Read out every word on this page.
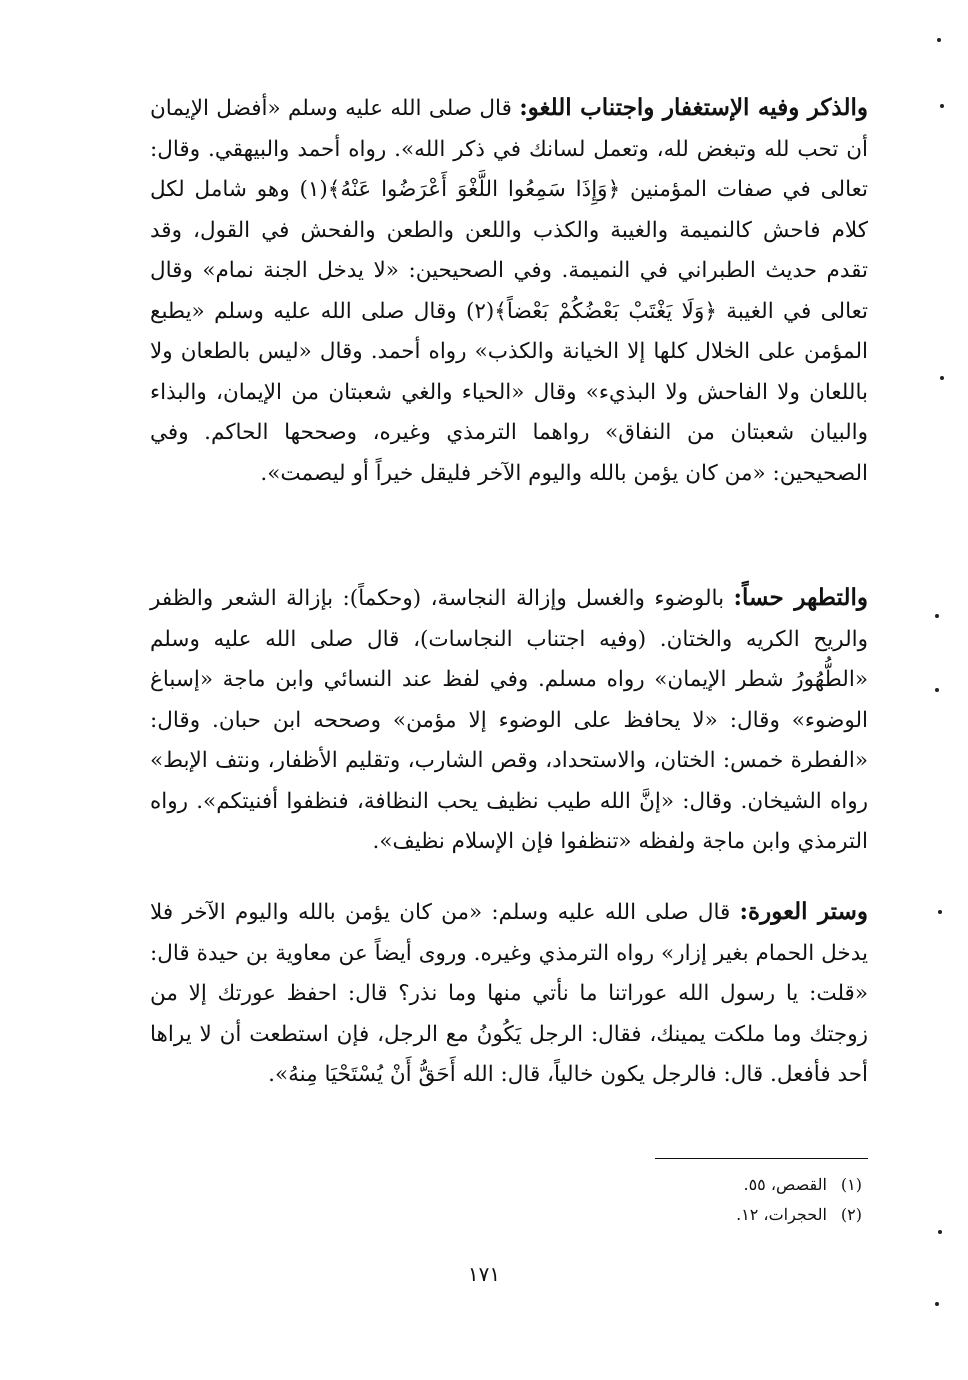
والذكر وفيه الإستغفار واجتناب اللغو: قال صلى الله عليه وسلم «أفضل الإيمان أن تحب لله وتبغض لله، وتعمل لسانك في ذكر الله». رواه أحمد والبيهقي. وقال: تعالى في صفات المؤمنين ﴿وَإِذَا سَمِعُوا اللَّغْوَ أَعْرَضُوا عَنْهُ﴾(١) وهو شامل لكل كلام فاحش كالنميمة والغيبة والكذب واللعن والطعن والفحش في القول، وقد تقدم حديث الطبراني في النميمة. وفي الصحيحين: «لا يدخل الجنة نمام» وقال تعالى في الغيبة ﴿وَلَا يَغْتَبْ بَعْضُكُمْ بَعْضاً﴾(٢) وقال صلى الله عليه وسلم «يطبع المؤمن على الخلال كلها إلا الخيانة والكذب» رواه أحمد. وقال «ليس بالطعان ولا باللعان ولا الفاحش ولا البذيء» وقال «الحياء والغي شعبتان من الإيمان، والبذاء والبيان شعبتان من النفاق» رواهما الترمذي وغيره، وصححها الحاكم. وفي الصحيحين: «من كان يؤمن بالله واليوم الآخر فليقل خيراً أو ليصمت».
والتطهر حساً: بالوضوء والغسل وإزالة النجاسة، (وحكماً): بإزالة الشعر والظفر والريح الكريه والختان. (وفيه اجتناب النجاسات)، قال صلى الله عليه وسلم «الطُّهُورُ شطر الإيمان» رواه مسلم. وفي لفظ عند النسائي وابن ماجة «إسباغ الوضوء» وقال: «لا يحافظ على الوضوء إلا مؤمن» وصححه ابن حبان. وقال: «الفطرة خمس: الختان، والاستحداد، وقص الشارب، وتقليم الأظفار، ونتف الإبط» رواه الشيخان. وقال: «إنَّ الله طيب نظيف يحب النظافة، فنظفوا أفنيتكم». رواه الترمذي وابن ماجة ولفظه «تنظفوا فإن الإسلام نظيف».
وستر العورة: قال صلى الله عليه وسلم: «من كان يؤمن بالله واليوم الآخر فلا يدخل الحمام بغير إزار» رواه الترمذي وغيره. وروى أيضاً عن معاوية بن حيدة قال: «قلت: يا رسول الله عوراتنا ما نأتي منها وما نذر؟ قال: احفظ عورتك إلا من زوجتك وما ملكت يمينك، فقال: الرجل يَكُونُ مع الرجل، فإن استطعت أن لا يراها أحد فأفعل. قال: فالرجل يكون خالياً، قال: الله أَحَقُّ أَنْ يُسْتَحْيَا مِنهُ».
(١)القصص، ٥٥.
(٢)الحجرات، ١٢.
١٧١
